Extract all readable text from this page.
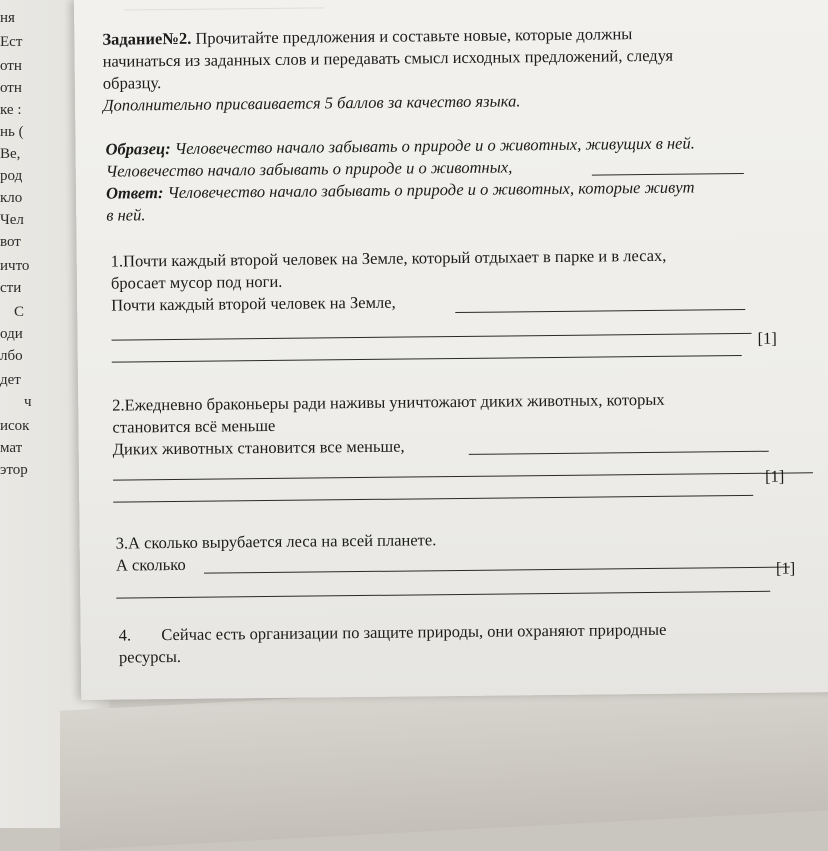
ня
Ест
отн
отн
ке :
нь (
Ве,
род
кло
Чел
вот
ичто
сти
С
оди
лбо
дет
ч
исок
мат
этор
Задание№2. Прочитайте предложения и составьте новые, которые должны
начинаться из заданных слов и передавать смысл исходных предложений, следуя
образцу.
Дополнительно присваивается 5 баллов за качество языка.
Образец: Человечество начало забывать о природе и о животных, живущих в ней.
Человечество начало забывать о природе и о животных,
Ответ: Человечество начало забывать о природе и о животных, которые живут
в ней.
1.Почти каждый второй человек на Земле, который отдыхает в парке и в лесах,
бросает мусор под ноги.
Почти каждый второй человек на Земле,
[1]
2.Ежедневно браконьеры ради наживы уничтожают диких животных, которых
становится всё меньше
Диких животных становится все меньше,
[1]
3.А сколько вырубается леса на всей планете.
А сколько	[1]
4. Сейчас есть организации по защите природы, они охраняют природные
ресурсы.
